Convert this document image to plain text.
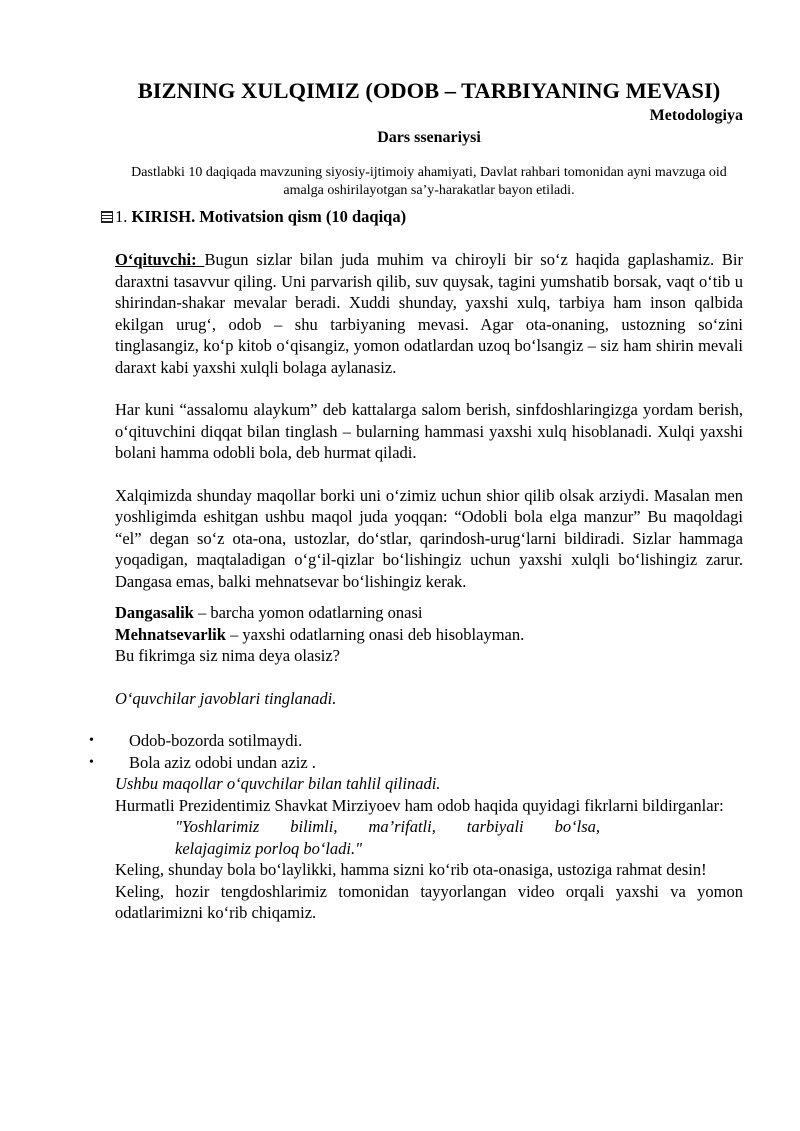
BIZNING XULQIMIZ (ODOB – TARBIYANING MEVASI)
Metodologiya
Dars ssenariysi
Dastlabki 10 daqiqada mavzuning siyosiy-ijtimoiy ahamiyati, Davlat rahbari tomonidan ayni mavzuga oid amalga oshirilayotgan sa’y-harakatlar bayon etiladi.
1. KIRISH. Motivatsion qism (10 daqiqa)

O‘qituvchi: Bugun sizlar bilan juda muhim va chiroyli bir so‘z haqida gaplashamiz. Bir daraxtni tasavvur qiling. Uni parvarish qilib, suv quysak, tagini yumshatib borsak, vaqt o‘tib u shirindan-shakar mevalar beradi. Xuddi shunday, yaxshi xulq, tarbiya ham inson qalbida ekilgan urug‘, odob – shu tarbiyaning mevasi. Agar ota-onaning, ustozning so‘zini tinglasangiz, ko‘p kitob o‘qisangiz, yomon odatlardan uzoq bo‘lsangiz – siz ham shirin mevali daraxt kabi yaxshi xulqli bolaga aylanasiz.

Har kuni “assalomu alaykum” deb kattalarga salom berish, sinfdoshlaringizga yordam berish, o‘qituvchini diqqat bilan tinglash – bularning hammasi yaxshi xulq hisoblanadi. Xulqi yaxshi bolani hamma odobli bola, deb hurmat qiladi.

Xalqimizda shunday maqollar borki uni o‘zimiz uchun shior qilib olsak arziydi. Masalan men yoshligimda eshitgan ushbu maqol juda yoqqan: “Odobli bola elga manzur” Bu maqoldagi “el” degan so‘z ota-ona, ustozlar, do‘stlar, qarindosh-urug‘larni bildiradi. Sizlar hammaga yoqadigan, maqtaladigan o‘g‘il-qizlar bo‘lishingiz uchun yaxshi xulqli bo‘lishingiz zarur. Dangasa emas, balki mehnatsevar bo‘lishingiz kerak.

Dangasalik – barcha yomon odatlarning onasi

Mehnatsevarlik – yaxshi odatlarning onasi deb hisoblayman.

Bu fikrimga siz nima deya olasiz?

O‘quvchilar javoblari tinglanadi.

• Odob-bozorda sotilmaydi.
• Bola aziz odobi undan aziz .

Ushbu maqollar o‘quvchilar bilan tahlil qilinadi.

Hurmatli Prezidentimiz Shavkat Mirziyoev ham odob haqida quyidagi fikrlarni bildirganlar:

"Yoshlarimiz bilimli, ma’rifatli, tarbiyali bo‘lsa,
kelajagimiz porloq bo‘ladi."

Keling, shunday bola bo‘laylikki, hamma sizni ko‘rib ota-onasiga, ustoziga rahmat desin!

Keling, hozir tengdoshlarimiz tomonidan tayyorlangan video orqali yaxshi va yomon odatlarimizni ko‘rib chiqamiz.
